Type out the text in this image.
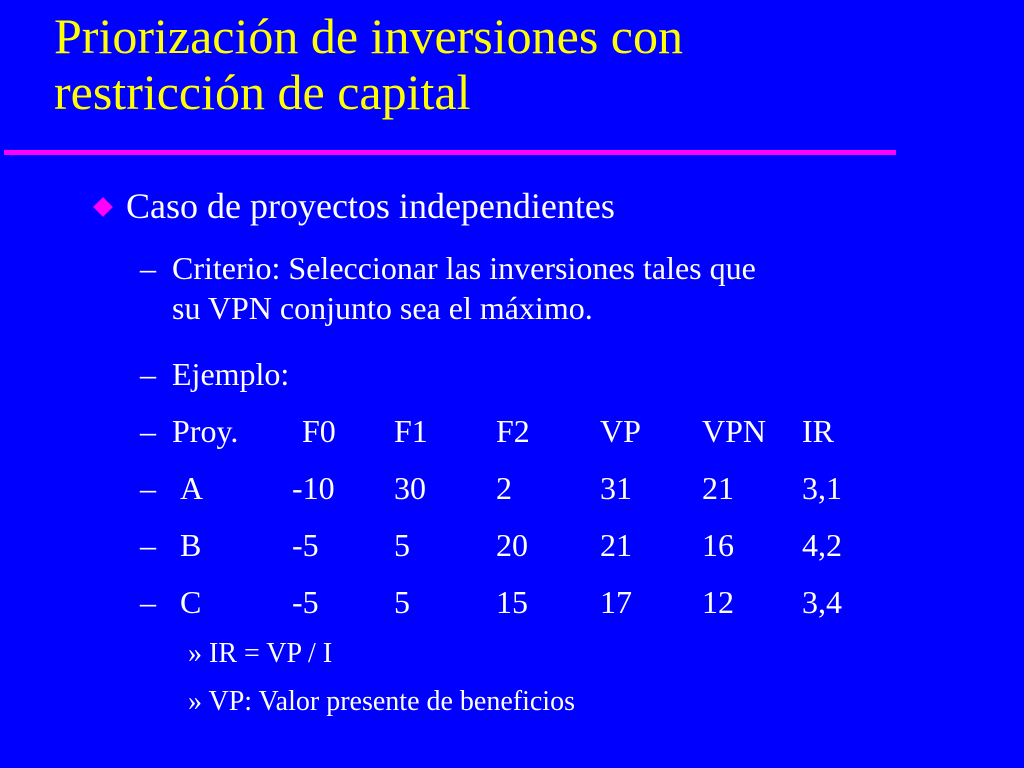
Priorización de inversiones con
restricción de capital
Caso de proyectos independientes
– Criterio: Seleccionar las inversiones tales que
su VPN conjunto sea el máximo.
– Ejemplo:
– Proy. F0 F1 F2 VP VPN IR
– A	-10 30 2	31 21 3,1
– B	-5 5	20 21 16 4,2
– C	-5 5	15 17 12 3,4
» IR = VP / I
» VP: Valor presente de beneficios
